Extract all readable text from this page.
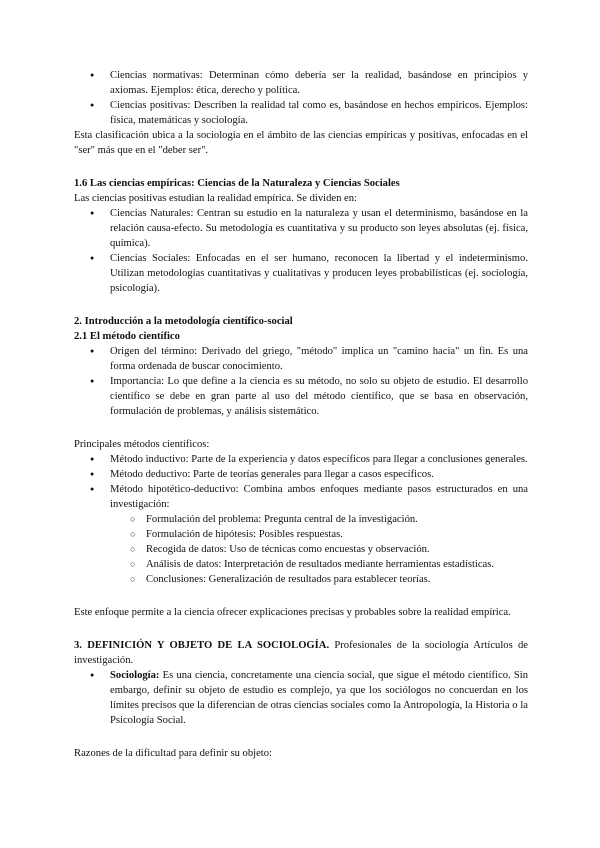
● Ciencias normativas: Determinan cómo debería ser la realidad, basándose en principios y axiomas. Ejemplos: ética, derecho y política.
● Ciencias positivas: Describen la realidad tal como es, basándose en hechos empíricos. Ejemplos: física, matemáticas y sociología.

Esta clasificación ubica a la sociología en el ámbito de las ciencias empíricas y positivas, enfocadas en el "ser" más que en el "deber ser".

1.6 Las ciencias empíricas: Ciencias de la Naturaleza y Ciencias Sociales

Las ciencias positivas estudian la realidad empírica. Se dividen en:

● Ciencias Naturales: Centran su estudio en la naturaleza y usan el determinismo, basándose en la relación causa-efecto. Su metodología es cuantitativa y su producto son leyes absolutas (ej. física, química).
● Ciencias Sociales: Enfocadas en el ser humano, reconocen la libertad y el indeterminismo. Utilizan metodologías cuantitativas y cualitativas y producen leyes probabilísticas (ej. sociología, psicología).

2. Introducción a la metodología científico-social

2.1 El método científico

● Origen del término: Derivado del griego, "método" implica un "camino hacia" un fin. Es una forma ordenada de buscar conocimiento.
● Importancia: Lo que define a la ciencia es su método, no solo su objeto de estudio. El desarrollo científico se debe en gran parte al uso del método científico, que se basa en observación, formulación de problemas, y análisis sistemático.

Principales métodos científicos:

● Método inductivo: Parte de la experiencia y datos específicos para llegar a conclusiones generales.
● Método deductivo: Parte de teorías generales para llegar a casos específicos.
● Método hipotético-deductivo: Combina ambos enfoques mediante pasos estructurados en una investigación:
○ Formulación del problema: Pregunta central de la investigación.
○ Formulación de hipótesis: Posibles respuestas.
○ Recogida de datos: Uso de técnicas como encuestas y observación.
○ Análisis de datos: Interpretación de resultados mediante herramientas estadísticas.
○ Conclusiones: Generalización de resultados para establecer teorías.

Este enfoque permite a la ciencia ofrecer explicaciones precisas y probables sobre la realidad empírica.

3. DEFINICIÓN Y OBJETO DE LA SOCIOLOGÍA. Profesionales de la sociología Artículos de investigación.

● Sociología: Es una ciencia, concretamente una ciencia social, que sigue el método científico. Sin embargo, definir su objeto de estudio es complejo, ya que los sociólogos no concuerdan en los límites precisos que la diferencian de otras ciencias sociales como la Antropología, la Historia o la Psicología Social.

Razones de la dificultad para definir su objeto:
